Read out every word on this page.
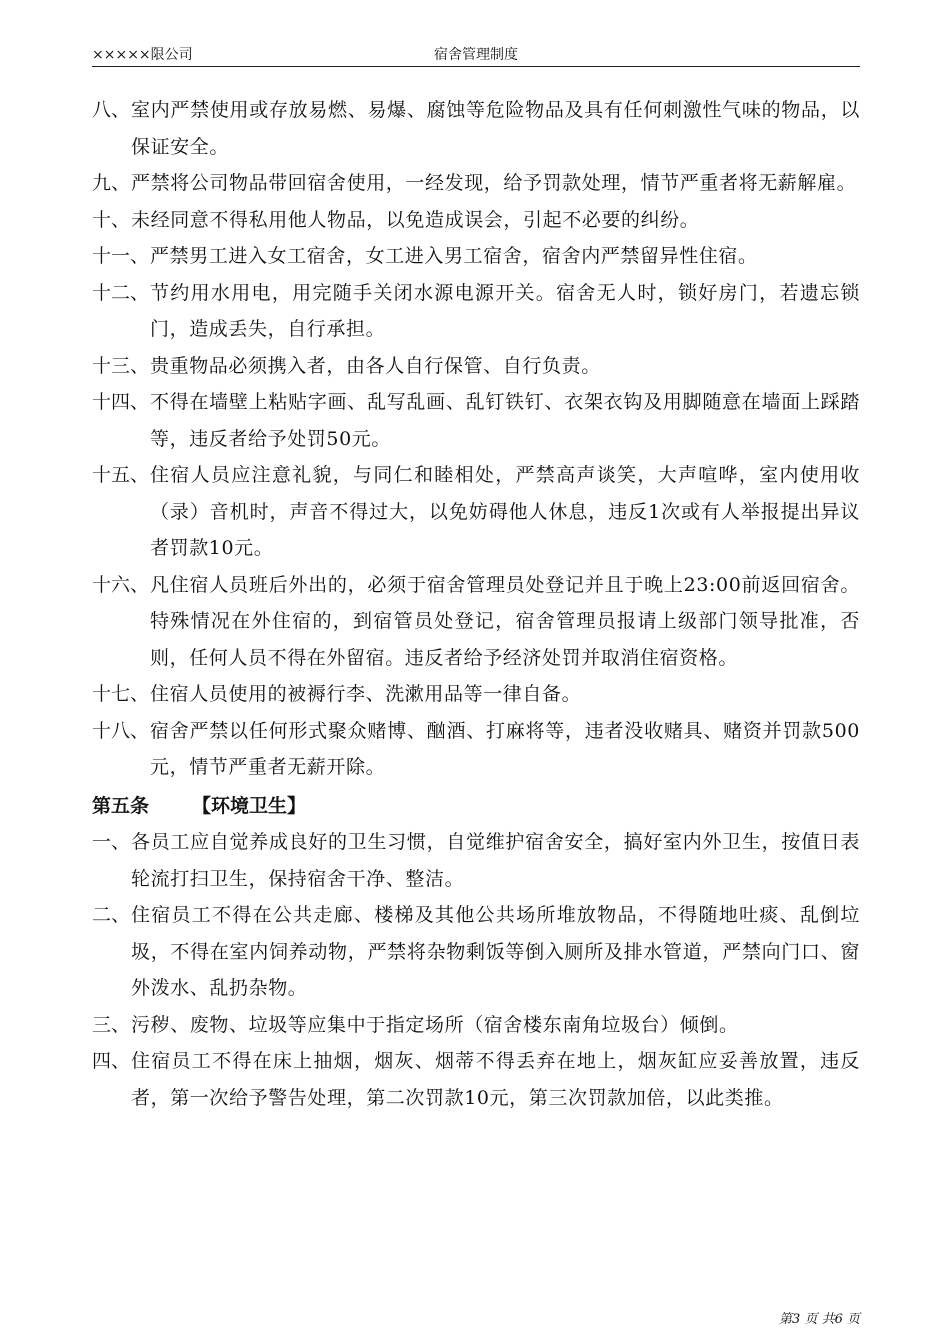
×××××限公司	宿舍管理制度
八、 室内严禁使用或存放易燃、易爆、腐蚀等危险物品及具有任何刺激性气味的物品，以保证安全。
九、 严禁将公司物品带回宿舍使用，一经发现，给予罚款处理，情节严重者将无薪解雇。
十、 未经同意不得私用他人物品，以免造成误会，引起不必要的纠纷。
十一、 严禁男工进入女工宿舍，女工进入男工宿舍，宿舍内严禁留异性住宿。
十二、 节约用水用电，用完随手关闭水源电源开关。宿舍无人时，锁好房门，若遗忘锁门，造成丢失，自行承担。
十三、 贵重物品必须携入者，由各人自行保管、自行负责。
十四、 不得在墙壁上粘贴字画、乱写乱画、乱钉铁钉、衣架衣钩及用脚随意在墙面上踩踏等，违反者给予处罚50元。
十五、 住宿人员应注意礼貌，与同仁和睦相处，严禁高声谈笑，大声喧哗，室内使用收（录）音机时，声音不得过大，以免妨碍他人休息，违反1次或有人举报提出异议者罚款10元。
十六、 凡住宿人员班后外出的，必须于宿舍管理员处登记并且于晚上23:00前返回宿舍。特殊情况在外住宿的，到宿管员处登记，宿舍管理员报请上级部门领导批准，否则，任何人员不得在外留宿。违反者给予经济处罚并取消住宿资格。
十七、 住宿人员使用的被褥行李、洗漱用品等一律自备。
十八、 宿舍严禁以任何形式聚众赌博、酗酒、打麻将等，违者没收赌具、赌资并罚款500元，情节严重者无薪开除。
第五条 【环境卫生】
一、 各员工应自觉养成良好的卫生习惯，自觉维护宿舍安全，搞好室内外卫生，按值日表轮流打扫卫生，保持宿舍干净、整洁。
二、 住宿员工不得在公共走廊、楼梯及其他公共场所堆放物品，不得随地吐痰、乱倒垃圾，不得在室内饲养动物，严禁将杂物剩饭等倒入厕所及排水管道，严禁向门口、窗外泼水、乱扔杂物。
三、 污秽、废物、垃圾等应集中于指定场所（宿舍楼东南角垃圾台）倾倒。
四、 住宿员工不得在床上抽烟，烟灰、烟蒂不得丢弃在地上，烟灰缸应妥善放置，违反者，第一次给予警告处理，第二次罚款10元，第三次罚款加倍，以此类推。
第3 页 共6 页
